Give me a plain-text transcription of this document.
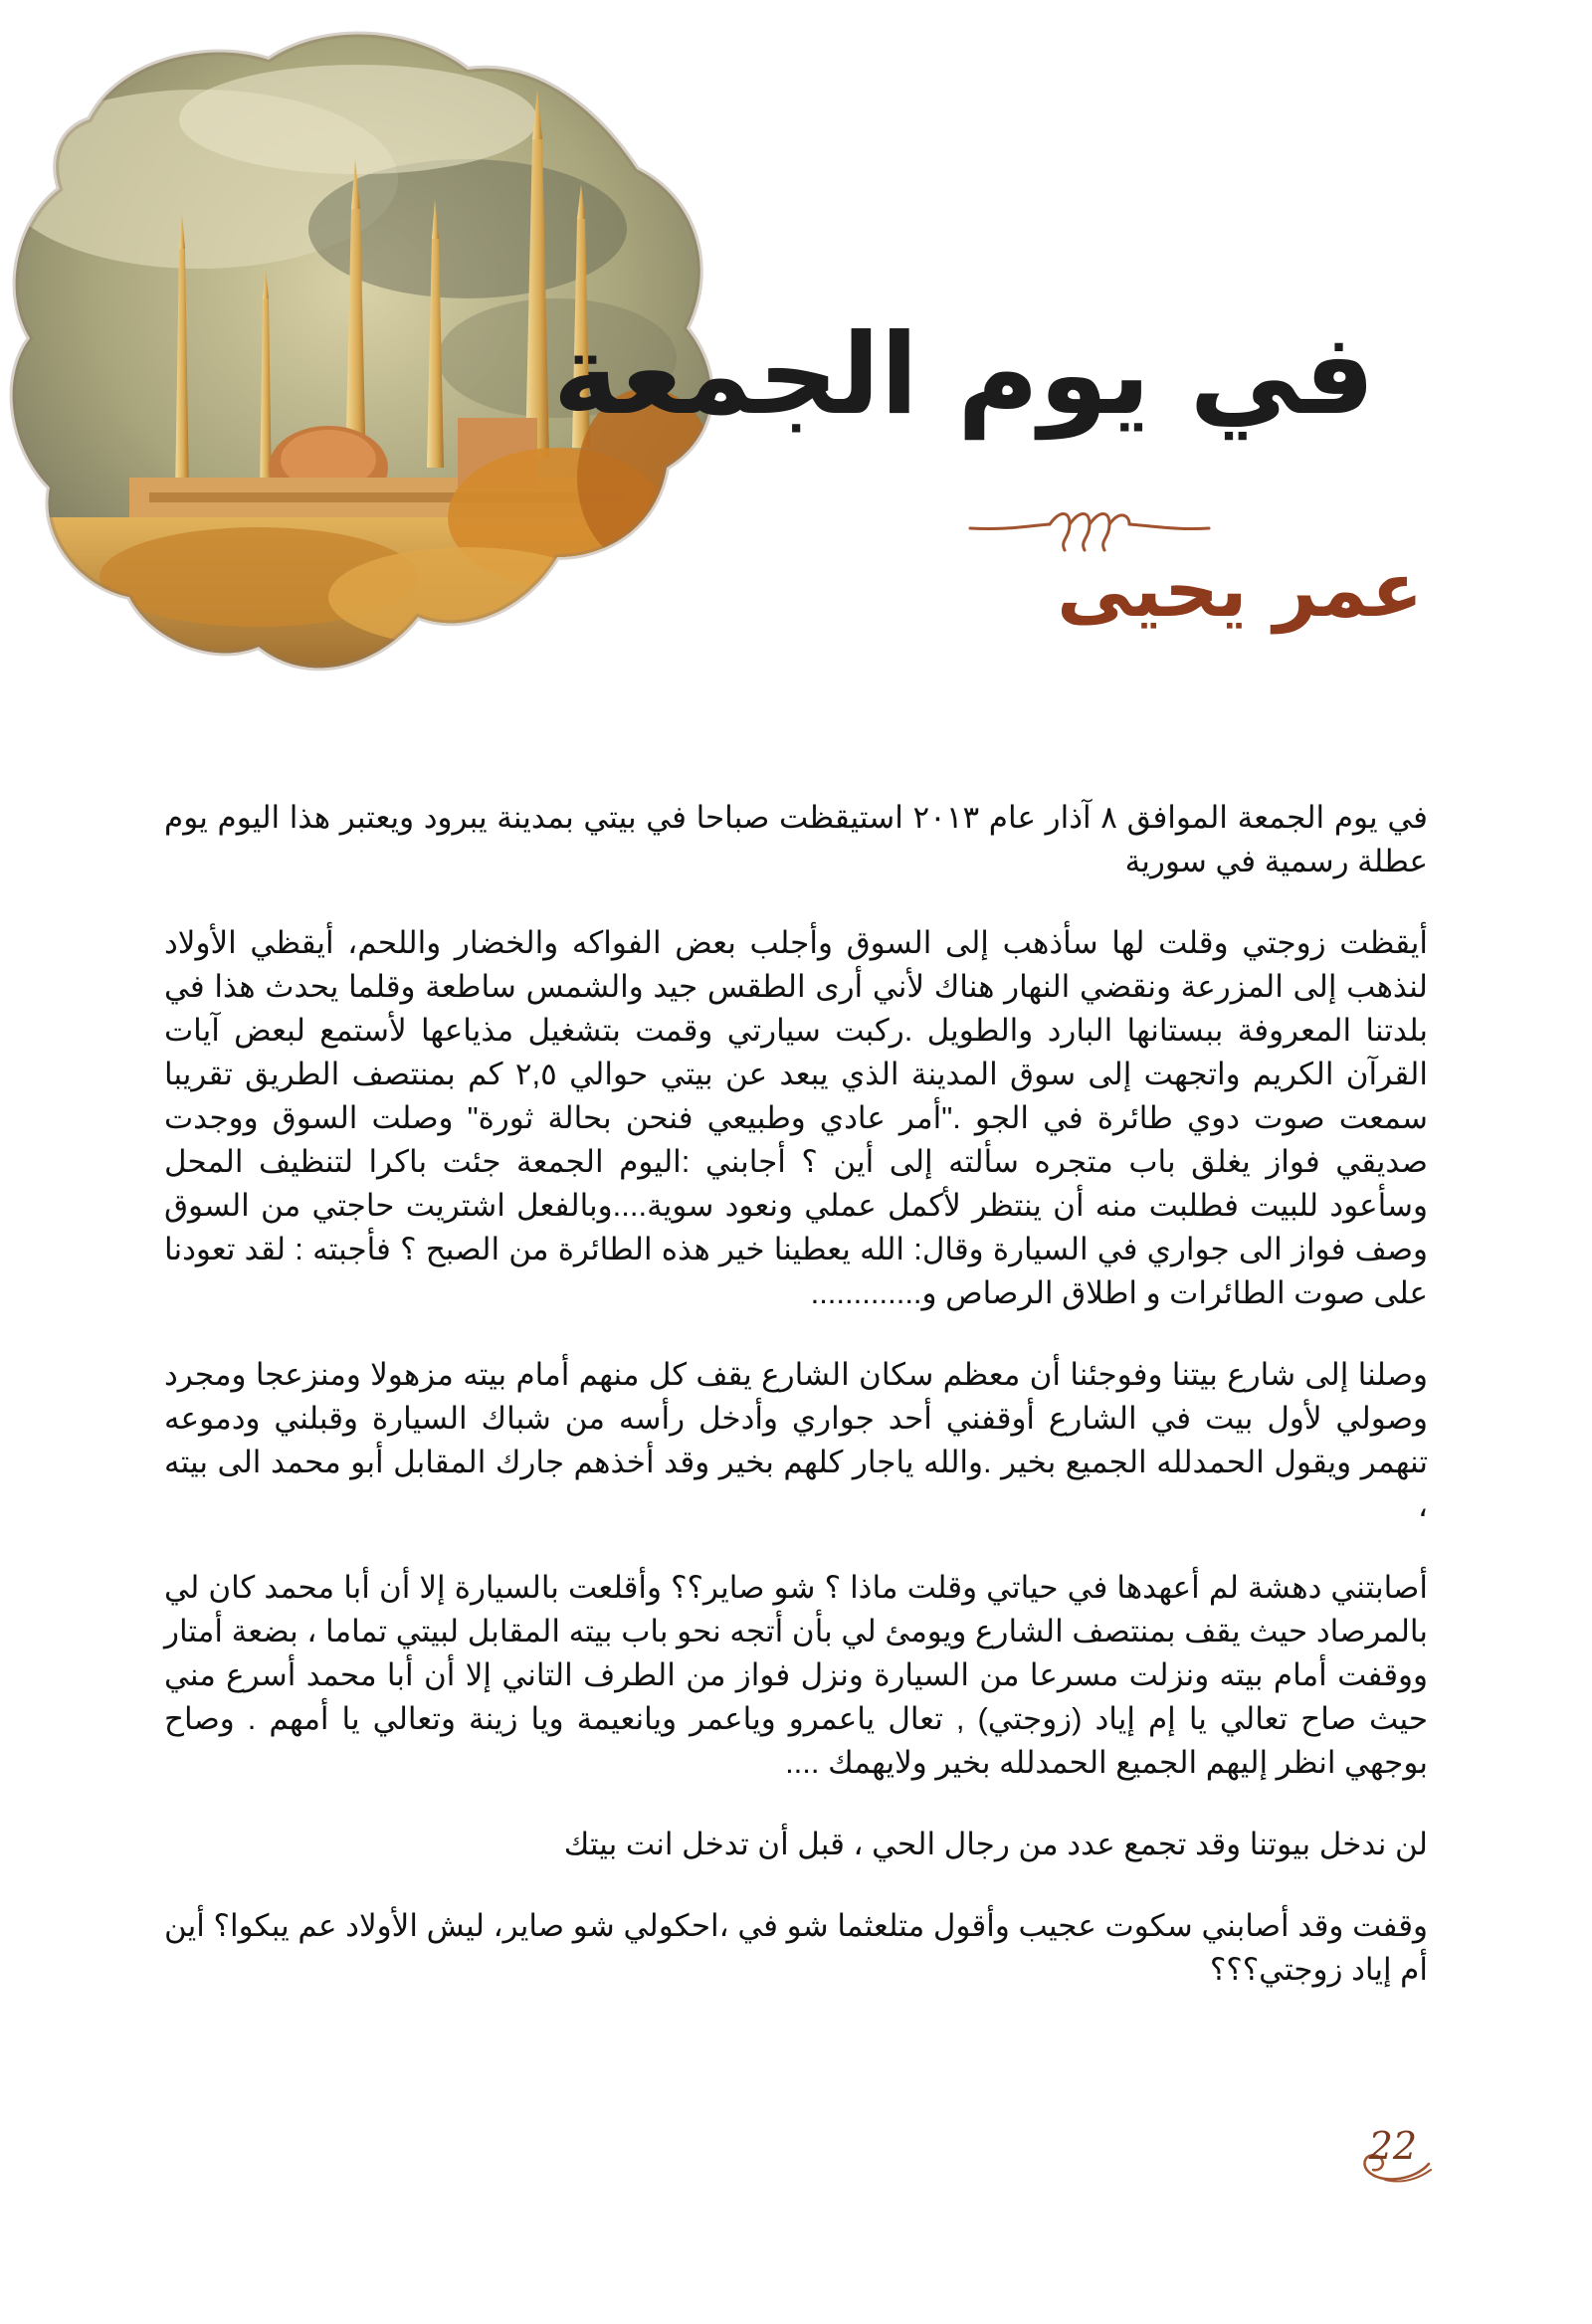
في يوم الجمعة
عمر يحيى

في يوم الجمعة الموافق ٨ آذار عام ٢٠١٣ استيقظت صباحا في بيتي بمدينة يبرود ويعتبر هذا اليوم يوم عطلة رسمية في سورية

أيقظت زوجتي وقلت لها سأذهب إلى السوق وأجلب بعض الفواكه والخضار واللحم، أيقظي الأولاد لنذهب إلى المزرعة ونقضي النهار هناك لأني أرى الطقس جيد والشمس ساطعة وقلما يحدث هذا في بلدتنا المعروفة ببستانها البارد والطويل .ركبت سيارتي وقمت بتشغيل مذياعها لأستمع لبعض آيات القرآن الكريم واتجهت إلى سوق المدينة الذي يبعد عن بيتي حوالي ٢,٥ كم بمنتصف الطريق تقريبا سمعت صوت دوي طائرة في الجو ."أمر عادي وطبيعي فنحن بحالة ثورة" وصلت السوق ووجدت صديقي فواز يغلق باب متجره سألته إلى أين ؟ أجابني :اليوم الجمعة جئت باكرا لتنظيف المحل وسأعود للبيت فطلبت منه أن ينتظر لأكمل عملي ونعود سوية....وبالفعل اشتريت حاجتي من السوق وصف فواز الى جواري في السيارة وقال: الله يعطينا خير هذه الطائرة من الصبح ؟ فأجبته : لقد تعودنا على صوت الطائرات و اطلاق الرصاص و.............

وصلنا إلى شارع بيتنا وفوجئنا أن معظم سكان الشارع يقف كل منهم أمام بيته مزهولا ومنزعجا ومجرد وصولي لأول بيت في الشارع أوقفني أحد جواري وأدخل رأسه من شباك السيارة وقبلني ودموعه تنهمر ويقول الحمدلله الجميع بخير .والله ياجار كلهم بخير وقد أخذهم جارك المقابل أبو محمد الى بيته ،

أصابتني دهشة لم أعهدها في حياتي وقلت ماذا ؟ شو صاير؟؟ وأقلعت بالسيارة إلا أن أبا محمد كان لي بالمرصاد حيث يقف بمنتصف الشارع ويومئ لي بأن أتجه نحو باب بيته المقابل لبيتي تماما ، بضعة أمتار ووقفت أمام بيته ونزلت مسرعا من السيارة ونزل فواز من الطرف التاني إلا أن أبا محمد أسرع مني حيث صاح تعالي يا إم إياد (زوجتي) , تعال ياعمرو وياعمر ويانعيمة ويا زينة وتعالي يا أمهم . وصاح بوجهي انظر إليهم الجميع الحمدلله بخير ولايهمك ....

لن ندخل بيوتنا وقد تجمع عدد من رجال الحي ، قبل أن تدخل انت بيتك

وقفت وقد أصابني سكوت عجيب وأقول متلعثما شو في ،احكولي شو صاير، ليش الأولاد عم يبكوا؟ أين أم إياد زوجتي؟؟؟

22
